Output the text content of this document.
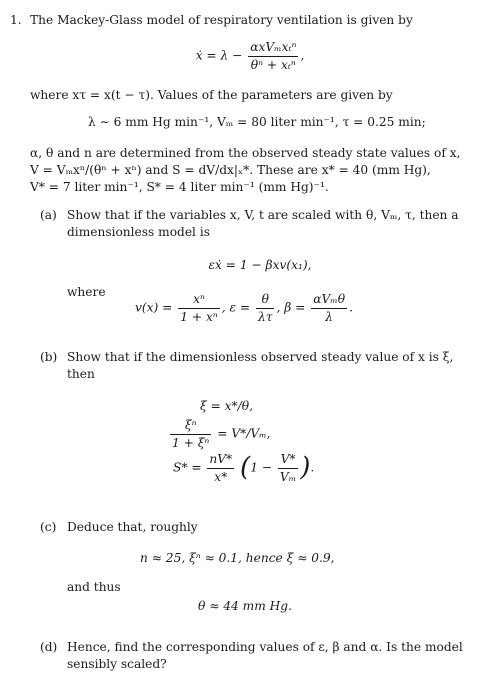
1. The Mackey-Glass model of respiratory ventilation is given by
ẋ = $\lambda - \frac{\text{αxVₘxₜⁿ}}{\text{θⁿ + xₜⁿ}}$ ,
where xτ = x(t − τ). Values of the parameters are given by
λ ∼ 6 mm Hg min⁻¹, Vₘ = 80 liter min⁻¹, τ = 0.25 min;
α, θ and n are determined from the observed steady state values of x,
V = Vₘxⁿ/(θⁿ + xⁿ) and S = dV/dx|ₓ*. These are x* = 40 (mm Hg),
V* = 7 liter min⁻¹, S* = 4 liter min⁻¹ (mm Hg)⁻¹.
(a) Show that if the variables x, V, t are scaled with θ, Vₘ, τ, then a
dimensionless model is
εẋ = 1 − βxv(x₁),
where
$v(x) = \frac{\text{xⁿ}}{\text{1 + xⁿ}}$ , $\varepsilon = \frac{\theta}{\lambda\tau}$ , $\beta = \frac{\text{αVₘθ}}{\lambda}$ .
(b) Show that if the dimensionless observed steady value of x is ξ,
then
ξ = x*/θ,
$\frac{\text{ξⁿ}}{\text{1 + ξⁿ}} = V*/V_m$,
$S* = \frac{nV*}{x*} (1 - \frac{V*}{\text{Vₘ}}$ ).
(c) Deduce that, roughly
n ≈ 25, ξⁿ ≈ 0.1, hence ξ ≈ 0.9,
and thus
θ ≈ 44 mm Hg.
(d) Hence, find the corresponding values of ε, β and α. Is the model
sensibly scaled?
